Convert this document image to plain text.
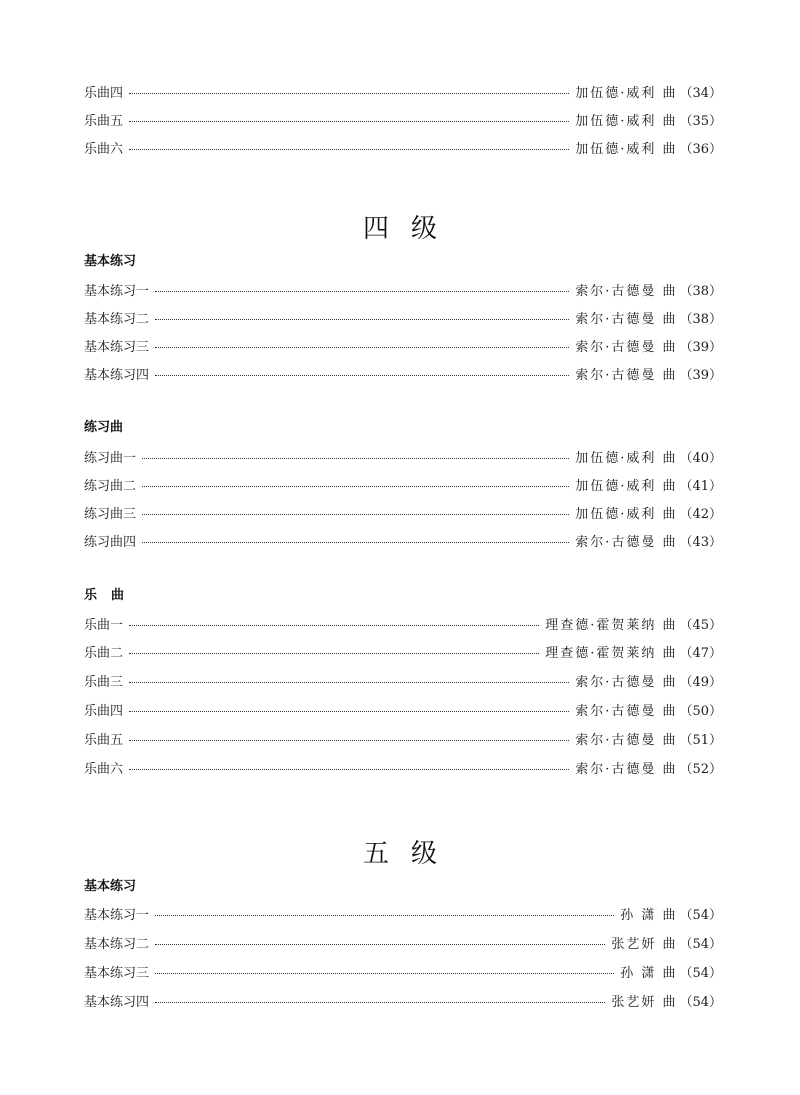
乐曲四	加伍德·威利 曲 （34）
乐曲五	加伍德·威利 曲 （35）
乐曲六	加伍德·威利 曲 （36）
四级
基本练习
基本练习一	索尔·古德曼 曲 （38）
基本练习二	索尔·古德曼 曲 （38）
基本练习三	索尔·古德曼 曲 （39）
基本练习四	索尔·古德曼 曲 （39）
练习曲
练习曲一	加伍德·威利 曲 （40）
练习曲二	加伍德·威利 曲 （41）
练习曲三	加伍德·威利 曲 （42）
练习曲四	索尔·古德曼 曲 （43）
乐曲
乐曲一	理查德·霍贺莱纳 曲 （45）
乐曲二	理查德·霍贺莱纳 曲 （47）
乐曲三	索尔·古德曼 曲 （49）
乐曲四	索尔·古德曼 曲 （50）
乐曲五	索尔·古德曼 曲 （51）
乐曲六	索尔·古德曼 曲 （52）
五级
基本练习
基本练习一	孙 潇 曲 （54）
基本练习二	张艺妍 曲 （54）
基本练习三	孙 潇 曲 （54）
基本练习四	张艺妍 曲 （54）
